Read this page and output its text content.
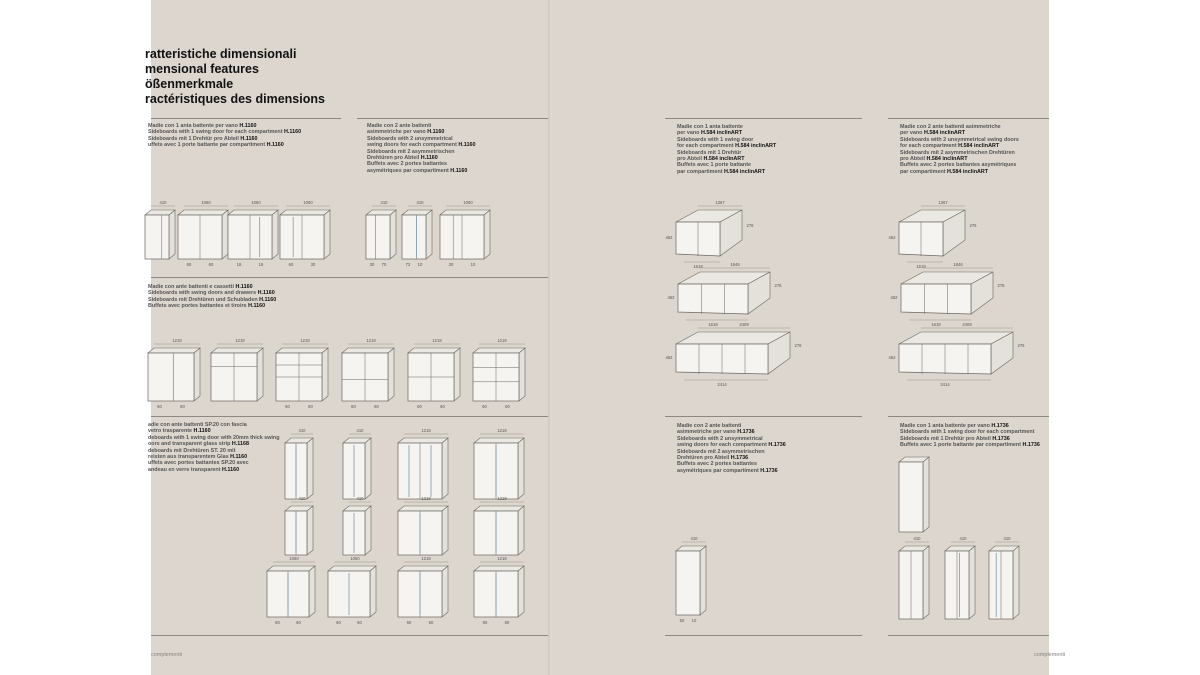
ratteristiche dimensionali
mensional features
ößenmerkmale
ractéristiques des dimensions
Madie con 1 anta battente per vano H.1160
Sideboards with 1 swing door for each compartment H.1160
Sideboards mit 1 Drehtür pro Abteil H.1160
uffets avec 1 porte battante par compartiment H.1160
Madie con 2 ante battenti
asimmetriche per vano H.1160
Sideboards with 2 unsymmetrical
swing doors for each compartment H.1160
Sideboards mit 2 asymmetrischen
Drehtüren pro Abteil H.1160
Buffets avec 2 portes battantes
asymétriques par compartiment H.1160
Madie con ante battenti e cassetti H.1160
Sideboards with swing doors and drawers H.1160
Sideboards mit Drehtüren und Schubladen H.1160
Buffets avec portes battantes et tiroirs H.1160
adie con ante battenti SP.20 con fascia
vetro trasparente H.1160
deboards with 1 swing door with 20mm thick swing
oors and transparent glass strip H.1168
deboards mit Drehtüren ST. 20 mit
reisten aus transparentem Glas H.1160
uffets avec portes battantes SP.20 avec
andeau en verre transparent H.1160
complementi
410	1060
60	60
1060
18	18
1060
60	30
410
30 70
410
72 10
1060
30	10
1218
60	60
1218	1218
60	60
1218
60	60
1218
60	60
1218
60	60
410	410	1218	1218
410	410	1218	1218
1060
60	60
1060
60	60
1218
60	60
1218
60	60
Madie con 1 anta battente
per vano H.584 inclinART
Sideboards with 1 swing door
for each compartment H.584 inclinART
Sideboards mit 1 Drehtür
pro Abteil H.584 inclinART
Buffets avec 1 porte battante
par compartiment H.584 inclinART
Madie con 2 ante battenti asimmetriche
per vano H.584 inclinART
Sideboards with 2 unsymmetrical swing doors
for each compartment H.584 inclinART
Sideboards mit 2 asymmetrischen Drehtüren
pro Abteil H.584 inclinART
Buffets avec 2 portes battantes asymétriques
par compartiment H.584 inclinART
Madie con 2 ante battenti
asimmetriche per vano H.1736
Sideboards with 2 unsymmetrical
swing doors for each compartment H.1736
Sideboards mit 2 asymmetrischen
Drehtüren pro Abteil H.1736
Buffets avec 2 portes battantes
asymétriques par compartiment H.1736
Madie con 1 anta battente per vano H.1736
Sideboards with 1 swing door for each compartment
Sideboards mit 1 Drehtür pro Abteil H.1736
Buffets avec 1 porte battante par compartiment H.1736
complementi
1367
462
276
1618	1846
462
276
1618	2409
462
276
2414
1367
462
276
1618	1846
462
276
1618	2409
462
276
2414
410
60 10
410	410	410
